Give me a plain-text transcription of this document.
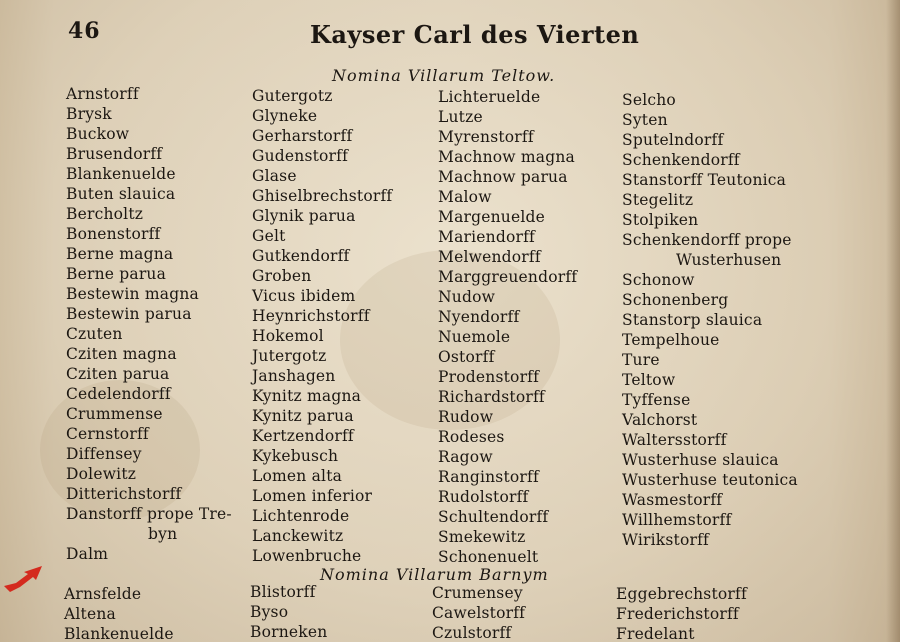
46	Kayser Carl des Vierten
Nomina Villarum Teltow.
Arnstorff
Brysk
Buckow
Brusendorff
Blankenuelde
Buten slauica
Bercholtz
Bonenstorff
Berne magna
Berne parua
Bestewin magna
Bestewin parua
Czuten
Cziten magna
Cziten parua
Cedelendorff
Crummense
Cernstorff
Diffensey
Dolewitz
Ditterichstorff
Danstorff prope Tre-
byn
Dalm
Gutergotz
Glyneke
Gerharstorff
Gudenstorff
Glase
Ghiselbrechstorff
Glynik parua
Gelt
Gutkendorff
Groben
Vicus ibidem
Heynrichstorff
Hokemol
Jutergotz
Janshagen
Kynitz magna
Kynitz parua
Kertzendorff
Kykebusch
Lomen alta
Lomen inferior
Lichtenrode
Lanckewitz
Lowenbruche
Lichteruelde
Lutze
Myrenstorff
Machnow magna
Machnow parua
Malow
Margenuelde
Mariendorff
Melwendorff
Marggreuendorff
Nudow
Nyendorff
Nuemole
Ostorff
Prodenstorff
Richardstorff
Rudow
Rodeses
Ragow
Ranginstorff
Rudolstorff
Schultendorff
Smekewitz
Schonenuelt
Selcho
Syten
Sputelndorff
Schenkendorff
Stanstorff Teutonica
Stegelitz
Stolpiken
Schenkendorff prope
Wusterhusen
Schonow
Schonenberg
Stanstorp slauica
Tempelhoue
Ture
Teltow
Tyffense
Valchorst
Waltersstorff
Wusterhuse slauica
Wusterhuse teutonica
Wasmestorff
Willhemstorff
Wirikstorff
Nomina Villarum Barnym
Arnsfelde
Altena
Blankenuelde
Blistorff
Byso
Borneken
Crumensey
Cawelstorff
Czulstorff
Eggebrechstorff
Frederichstorff
Fredelant
